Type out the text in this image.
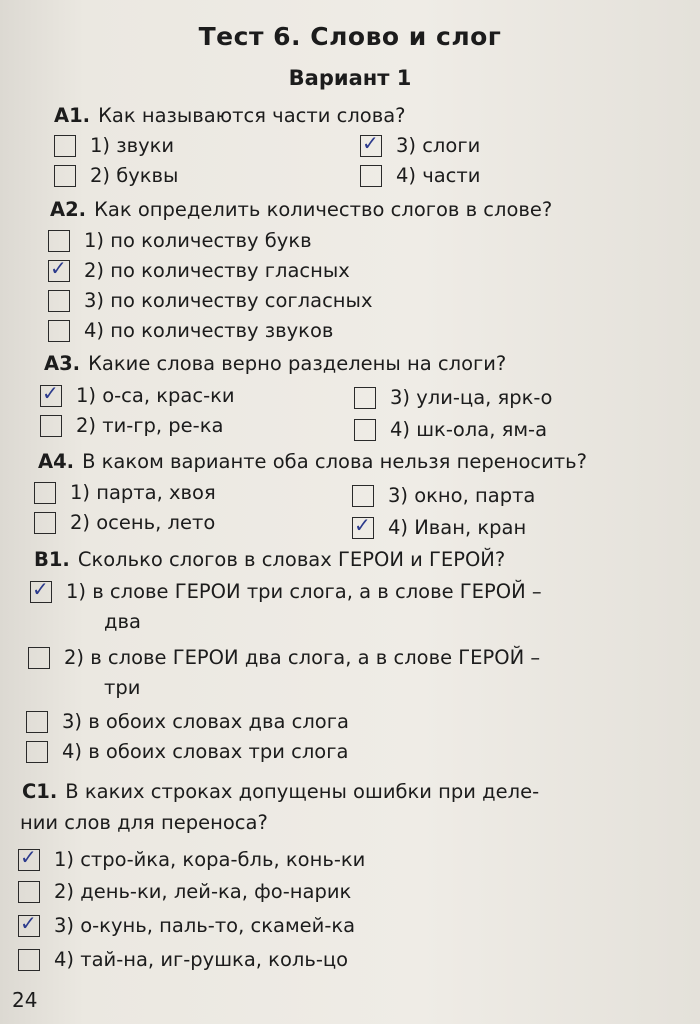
Тест 6. Слово и слог
Вариант 1
А1. Как называются части слова?
1) звуки
2) буквы
✓ 3) слоги
4) части
А2. Как определить количество слогов в слове?
1) по количеству букв
✓ 2) по количеству гласных
3) по количеству согласных
4) по количеству звуков
А3. Какие слова верно разделены на слоги?
✓ 1) о-са, крас-ки
2) ти-гр, ре-ка
3) ули-ца, ярк-о
4) шк-ола, ям-а
А4. В каком варианте оба слова нельзя переносить?
1) парта, хвоя
2) осень, лето
3) окно, парта
✓ 4) Иван, кран
В1. Сколько слогов в словах ГЕРОИ и ГЕРОЙ?
✓ 1) в слове ГЕРОИ три слога, а в слове ГЕРОЙ –
два
2) в слове ГЕРОИ два слога, а в слове ГЕРОЙ –
три
3) в обоих словах два слога
4) в обоих словах три слога
С1. В каких строках допущены ошибки при деле-
нии слов для переноса?
✓ 1) стро-йка, кора-бль, конь-ки
2) день-ки, лей-ка, фо-нарик
✓ 3) о-кунь, паль-то, скамей-ка
4) тай-на, иг-рушка, коль-цо
24
